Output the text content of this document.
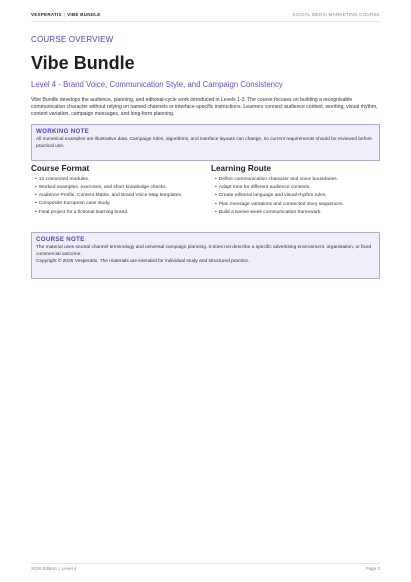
VESPERATIX | VIBE BUNDLE	SOCIAL MEDIA MARKETING COURSE
COURSE OVERVIEW
Vibe Bundle
Level 4 - Brand Voice, Communication Style, and Campaign Consistency

Vibe Bundle develops the audience, planning, and editorial-cycle work introduced in Levels 1-3. The course focuses on building a recognisable communication character without relying on named channels or interface-specific instructions. Learners connect audience context, wording, visual rhythm, content variation, campaign messages, and long-form planning.

WORKING NOTE

All numerical examples are illustrative data. Campaign rules, algorithms, and interface layouts can change, so current requirements should be reviewed before practical use.

Course Format
• 12 connected modules.
• Worked examples, exercises, and short knowledge checks.
• Audience Profile, Content Matrix, and Brand Voice Map templates.
• Composite European case study.
• Final project for a fictional learning brand.
Learning Route
• Define communication character and voice boundaries.
• Adapt tone for different audience contexts.
• Create editorial language and visual-rhythm rules.
• Plan message variations and connected story sequences.
• Build a twelve-week communication framework.
COURSE NOTE

The material uses neutral channel terminology and universal campaign planning. It does not describe a specific advertising environment, organisation, or fixed commercial outcome.

Copyright © 2026 Vesperatix. The materials are intended for individual study and structured practice.

2026 Edition | Level 4	Page 2
